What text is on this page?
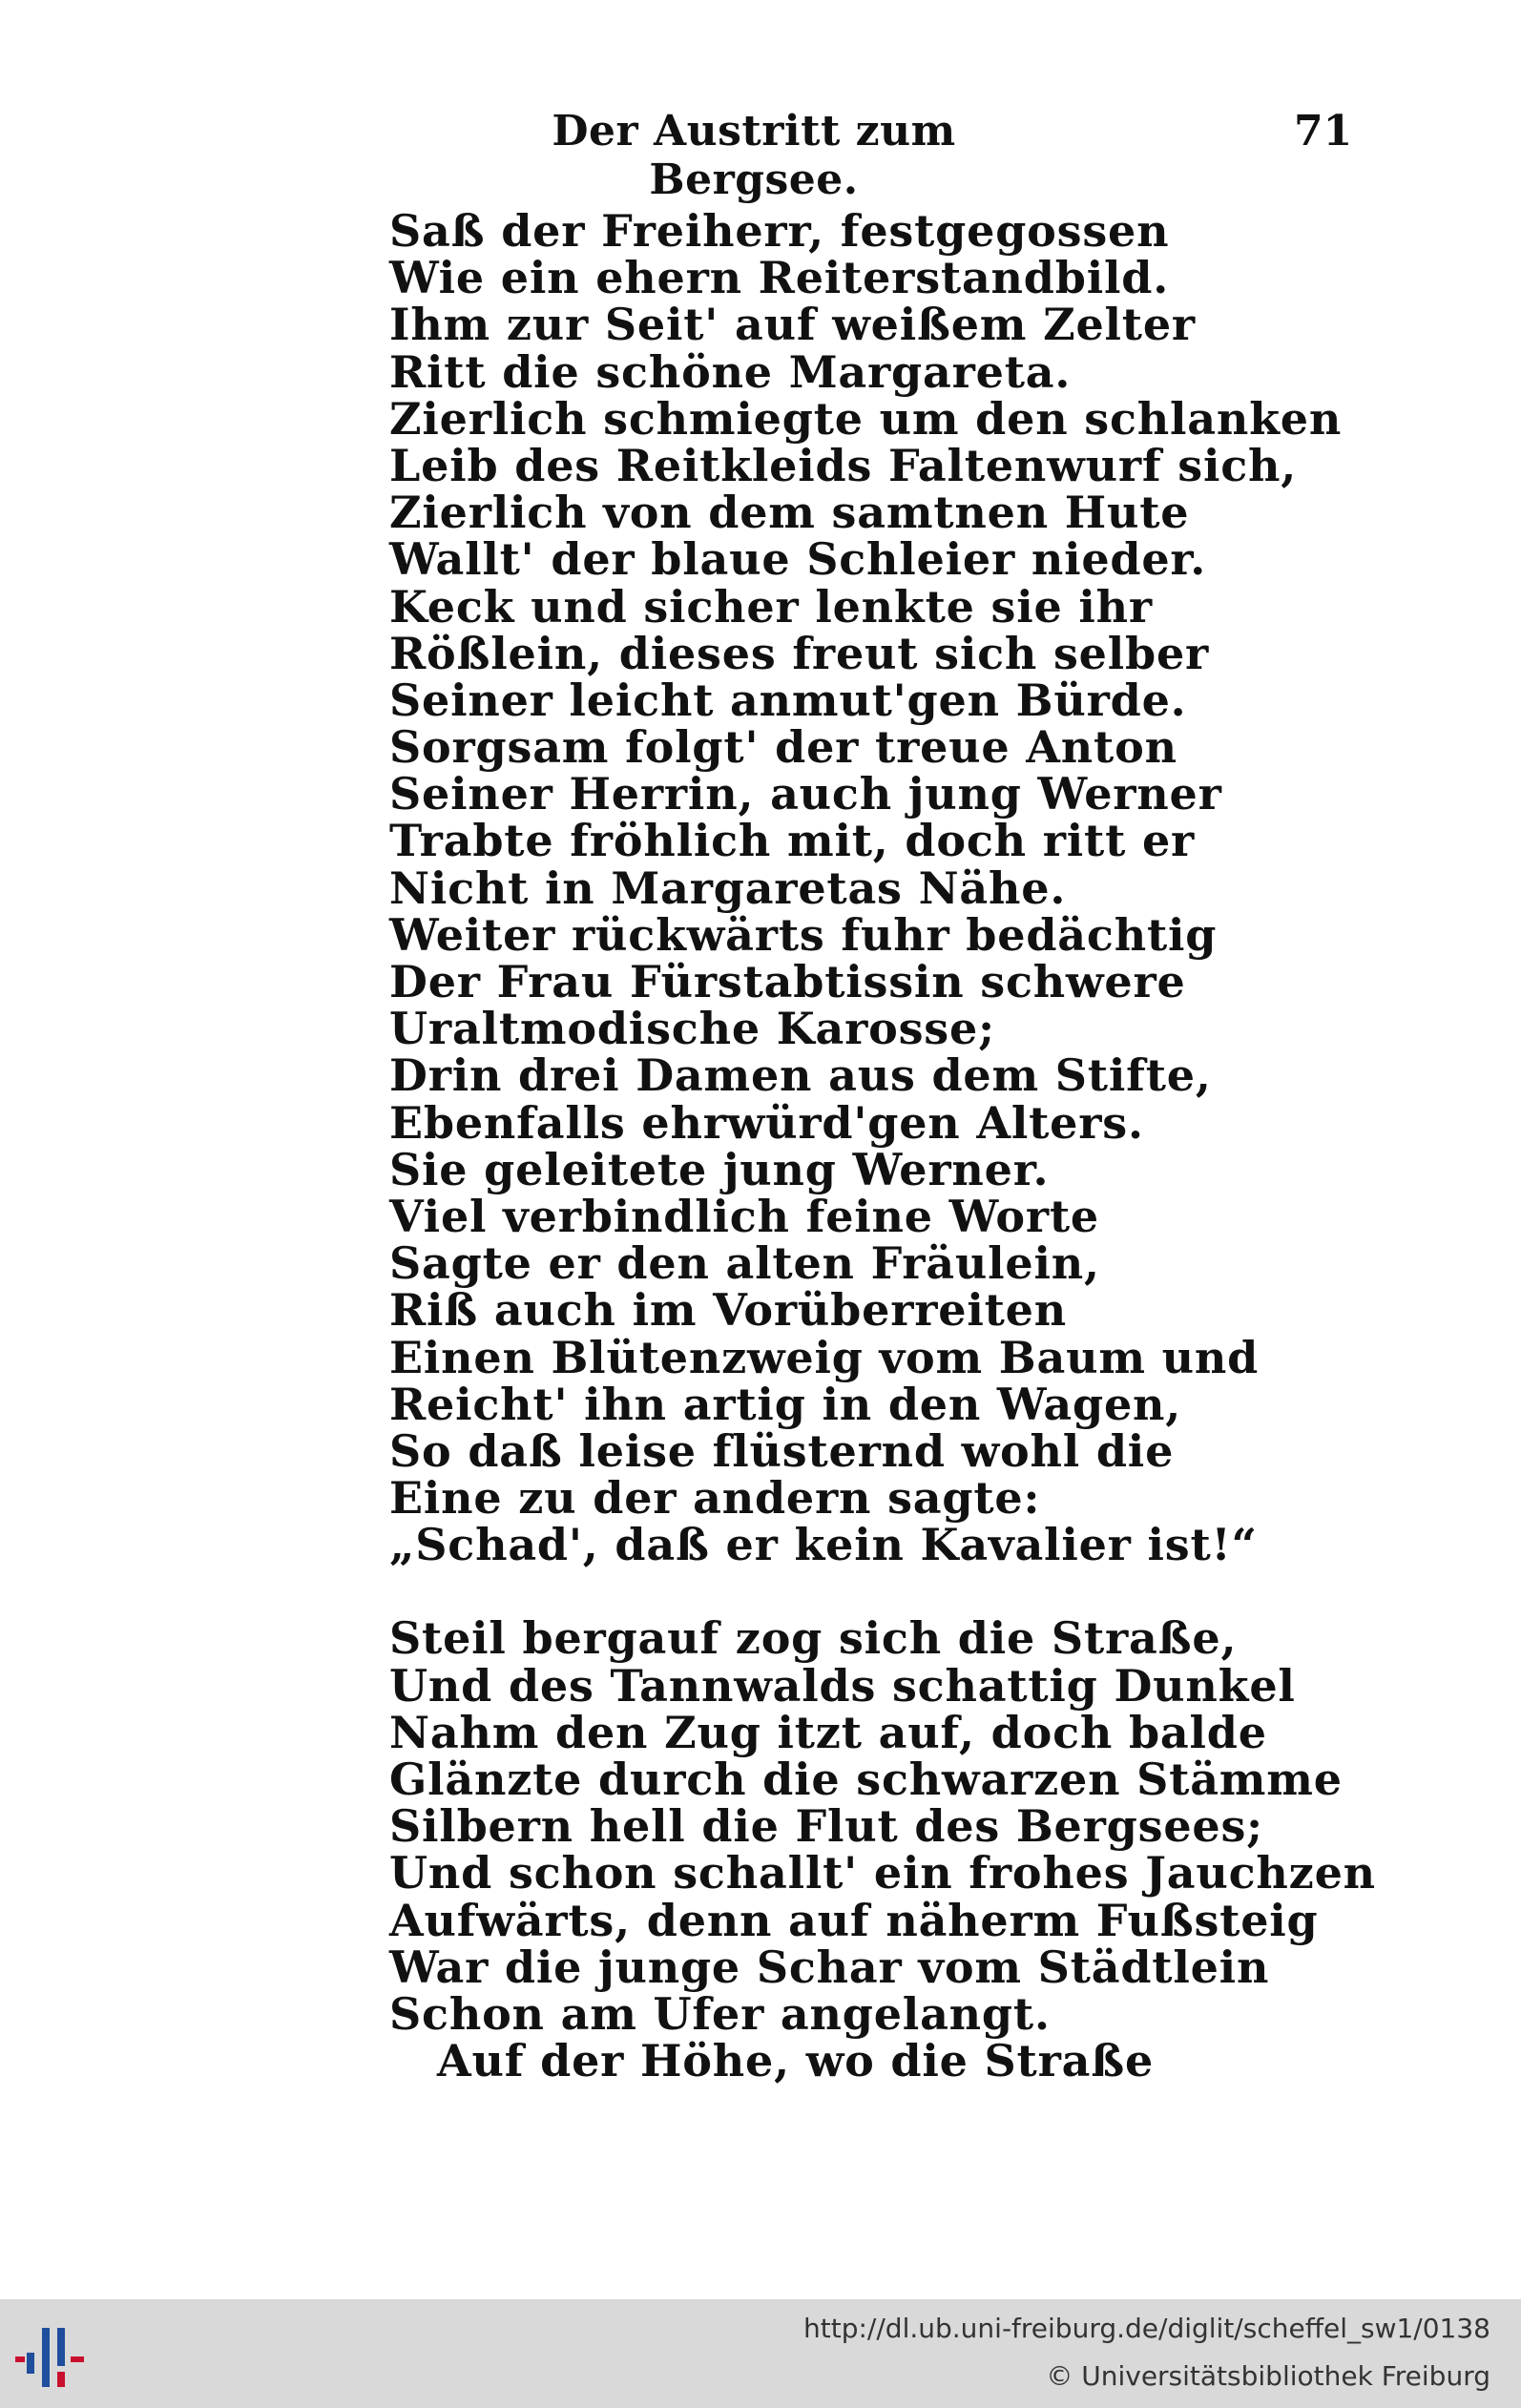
Der Austritt zum Bergsee.
71
Saß der Freiherr, festgegossen
Wie ein ehern Reiterstandbild.
Ihm zur Seit' auf weißem Zelter
Ritt die schöne Margareta.
Zierlich schmiegte um den schlanken
Leib des Reitkleids Faltenwurf sich,
Zierlich von dem samtnen Hute
Wallt' der blaue Schleier nieder.
Keck und sicher lenkte sie ihr
Rößlein, dieses freut sich selber
Seiner leicht anmut'gen Bürde.
Sorgsam folgt' der treue Anton
Seiner Herrin, auch jung Werner
Trabte fröhlich mit, doch ritt er
Nicht in Margaretas Nähe.
Weiter rückwärts fuhr bedächtig
Der Frau Fürstabtissin schwere
Uraltmodische Karosse;
Drin drei Damen aus dem Stifte,
Ebenfalls ehrwürd'gen Alters.
Sie geleitete jung Werner.
Viel verbindlich feine Worte
Sagte er den alten Fräulein,
Riß auch im Vorüberreiten
Einen Blütenzweig vom Baum und
Reicht' ihn artig in den Wagen,
So daß leise flüsternd wohl die
Eine zu der andern sagte:
„Schad', daß er kein Kavalier ist!“
Steil bergauf zog sich die Straße,
Und des Tannwalds schattig Dunkel
Nahm den Zug itzt auf, doch balde
Glänzte durch die schwarzen Stämme
Silbern hell die Flut des Bergsees;
Und schon schallt' ein frohes Jauchzen
Aufwärts, denn auf näherm Fußsteig
War die junge Schar vom Städtlein
Schon am Ufer angelangt.
Auf der Höhe, wo die Straße
http://dl.ub.uni-freiburg.de/diglit/scheffel_sw1/0138
© Universitätsbibliothek Freiburg
